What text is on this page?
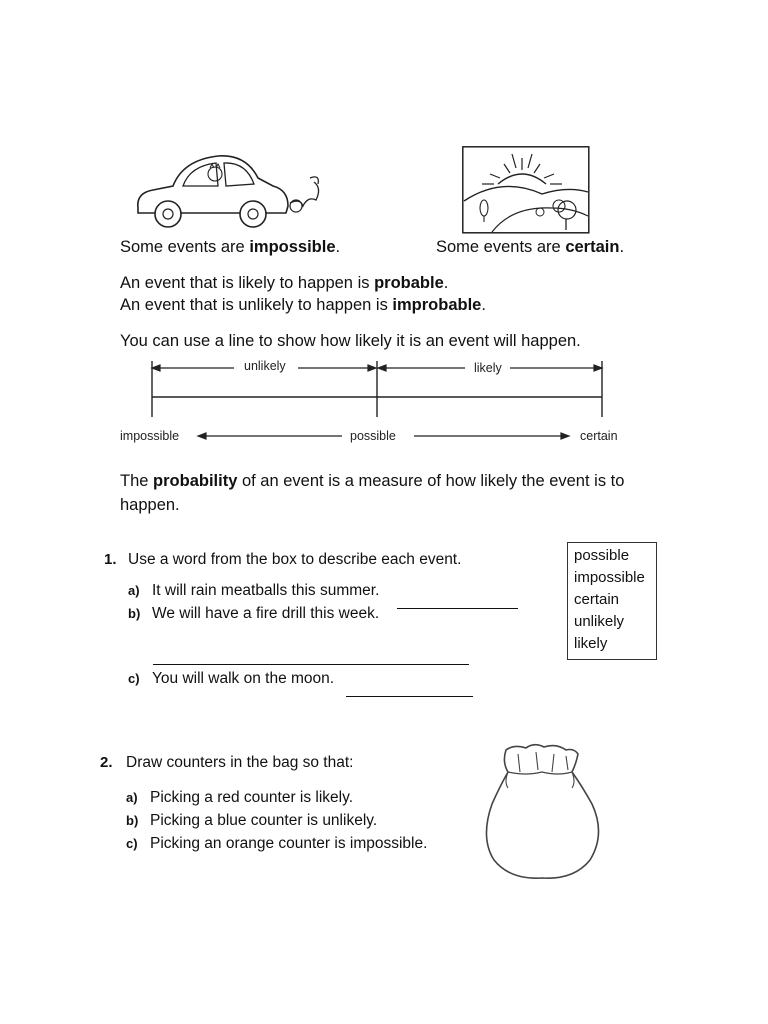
Some events are impossible.	Some events are certain.
An event that is likely to happen is probable.
An event that is unlikely to happen is improbable.
You can use a line to show how likely it is an event will happen.
unlikely	likely
impossible	possible	certain
The probability of an event is a measure of how likely the event is to
happen.
1. Use a word from the box to describe each event.
a) It will rain meatballs this summer.
b) We will have a fire drill this week.
c) You will walk on the moon.
possible
impossible
certain
unlikely
likely
2. Draw counters in the bag so that:
a) Picking a red counter is likely.
b) Picking a blue counter is unlikely.
c) Picking an orange counter is impossible.
